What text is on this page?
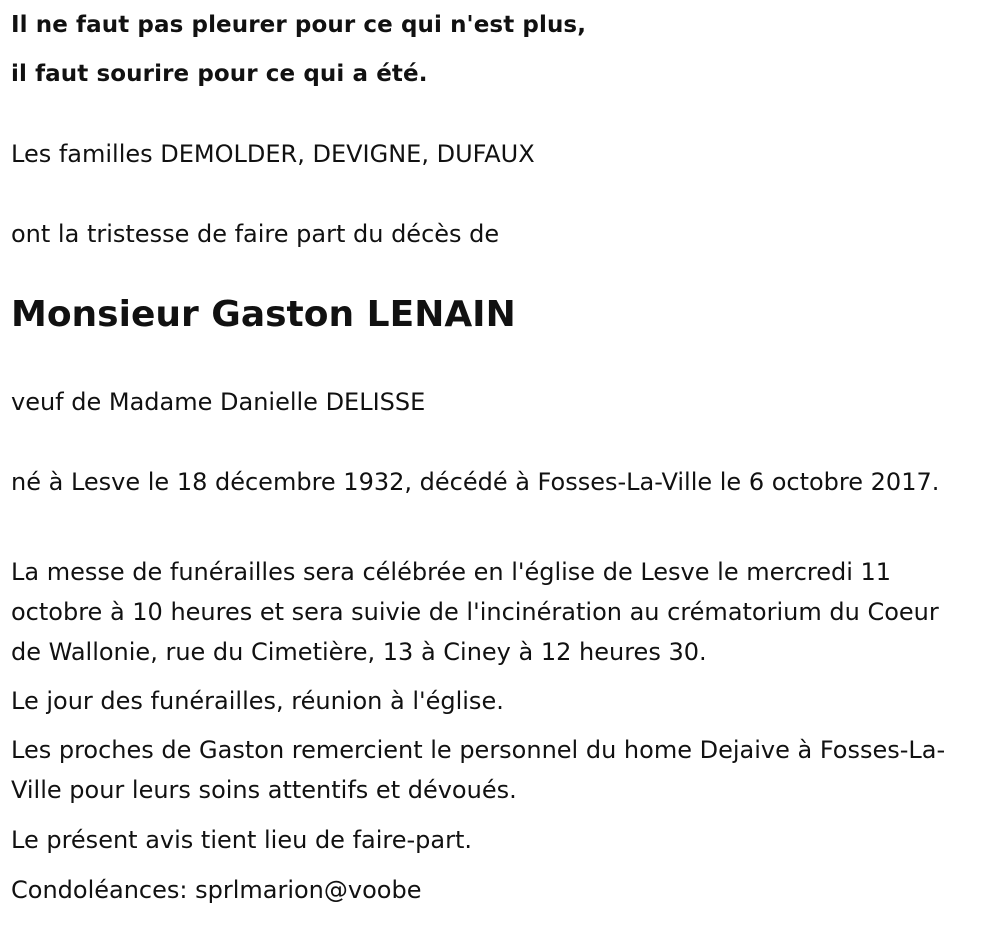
Il ne faut pas pleurer pour ce qui n'est plus,
il faut sourire pour ce qui a été.
Les familles DEMOLDER, DEVIGNE, DUFAUX
ont la tristesse de faire part du décès de
Monsieur Gaston LENAIN
veuf de Madame Danielle DELISSE
né à Lesve le 18 décembre 1932, décédé à Fosses-La-Ville le 6 octobre 2017.
La messe de funérailles sera célébrée en l'église de Lesve le mercredi 11 octobre à 10 heures et sera suivie de l'incinération au crématorium du Coeur de Wallonie, rue du Cimetière, 13 à Ciney à 12 heures 30.
Le jour des funérailles, réunion à l'église.
Les proches de Gaston remercient le personnel du home Dejaive à Fosses-La-Ville pour leurs soins attentifs et dévoués.
Le présent avis tient lieu de faire-part.
Condoléances: sprlmarion@voobe
